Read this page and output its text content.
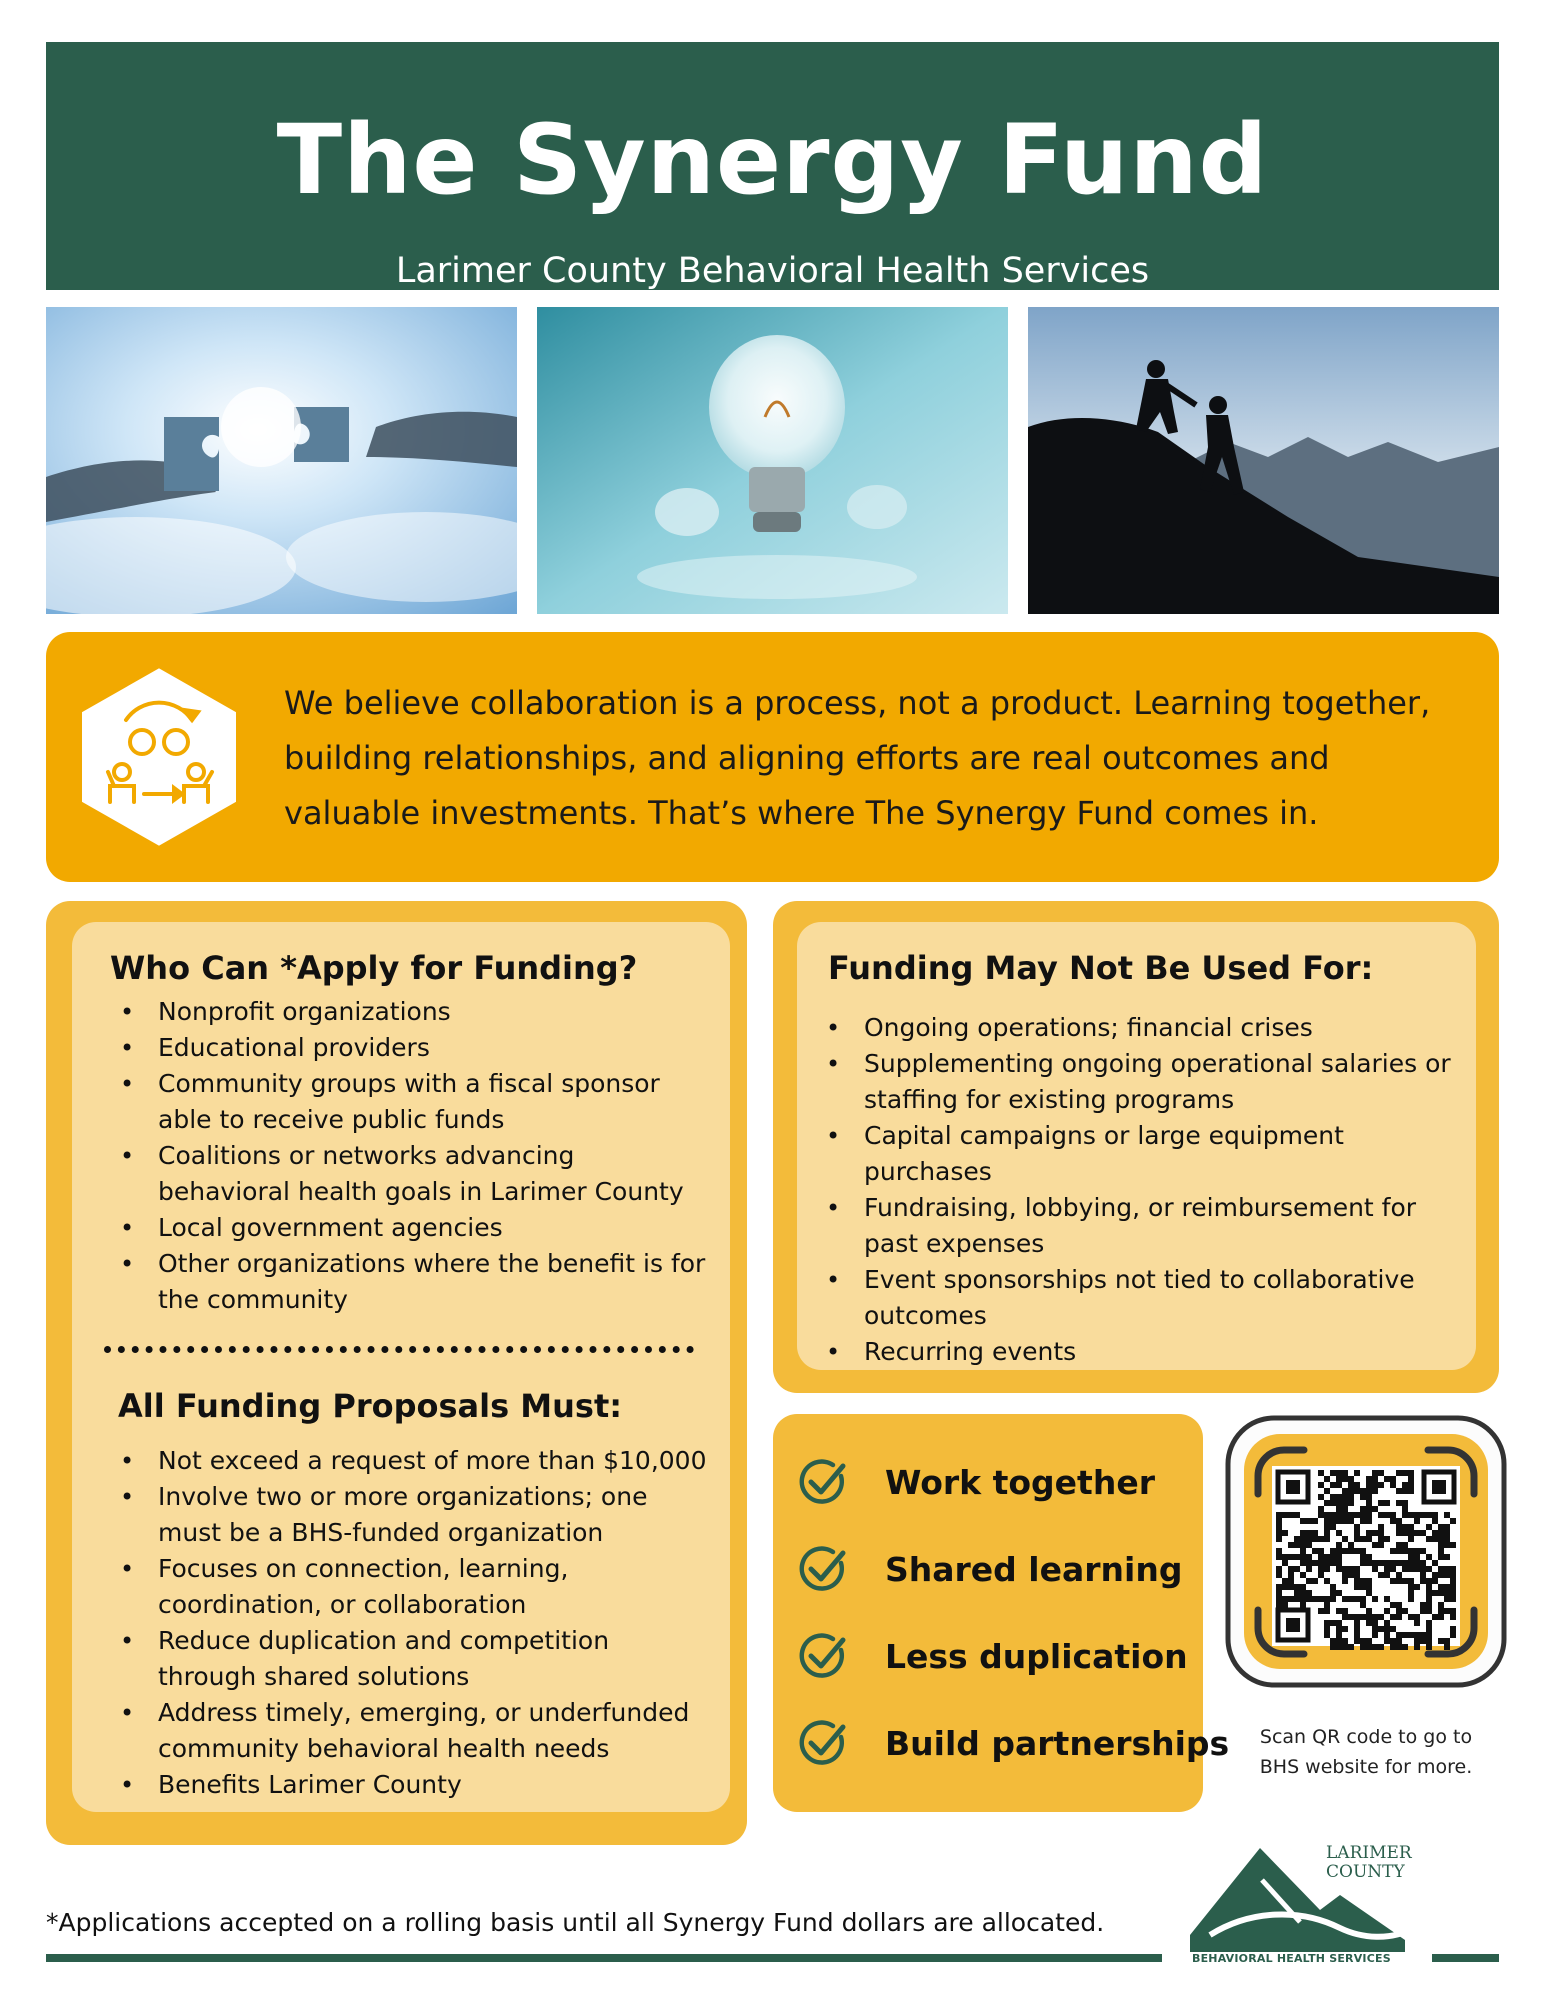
The Synergy Fund
Larimer County Behavioral Health Services

We believe collaboration is a process, not a product. Learning together, building relationships, and aligning efforts are real outcomes and valuable investments. That’s where The Synergy Fund comes in.

Who Can *Apply for Funding?
• Nonprofit organizations
• Educational providers
• Community groups with a fiscal sponsor able to receive public funds
• Coalitions or networks advancing behavioral health goals in Larimer County
• Local government agencies
• Other organizations where the benefit is for the community
All Funding Proposals Must:
• Not exceed a request of more than $10,000
• Involve two or more organizations; one must be a BHS-funded organization
• Focuses on connection, learning, coordination, or collaboration
• Reduce duplication and competition through shared solutions
• Address timely, emerging, or underfunded community behavioral health needs
• Benefits Larimer County
Funding May Not Be Used For:
• Ongoing operations; financial crises
• Supplementing ongoing operational salaries or staffing for existing programs
• Capital campaigns or large equipment purchases
• Fundraising, lobbying, or reimbursement for past expenses
• Event sponsorships not tied to collaborative outcomes
• Recurring events
Work together
Shared learning
Less duplication
Build partnerships	Scan QR code to go to
BHS website for more.
*Applications accepted on a rolling basis until all Synergy Fund dollars are allocated.
LARIMER
COUNTY
BEHAVIORAL HEALTH SERVICES
